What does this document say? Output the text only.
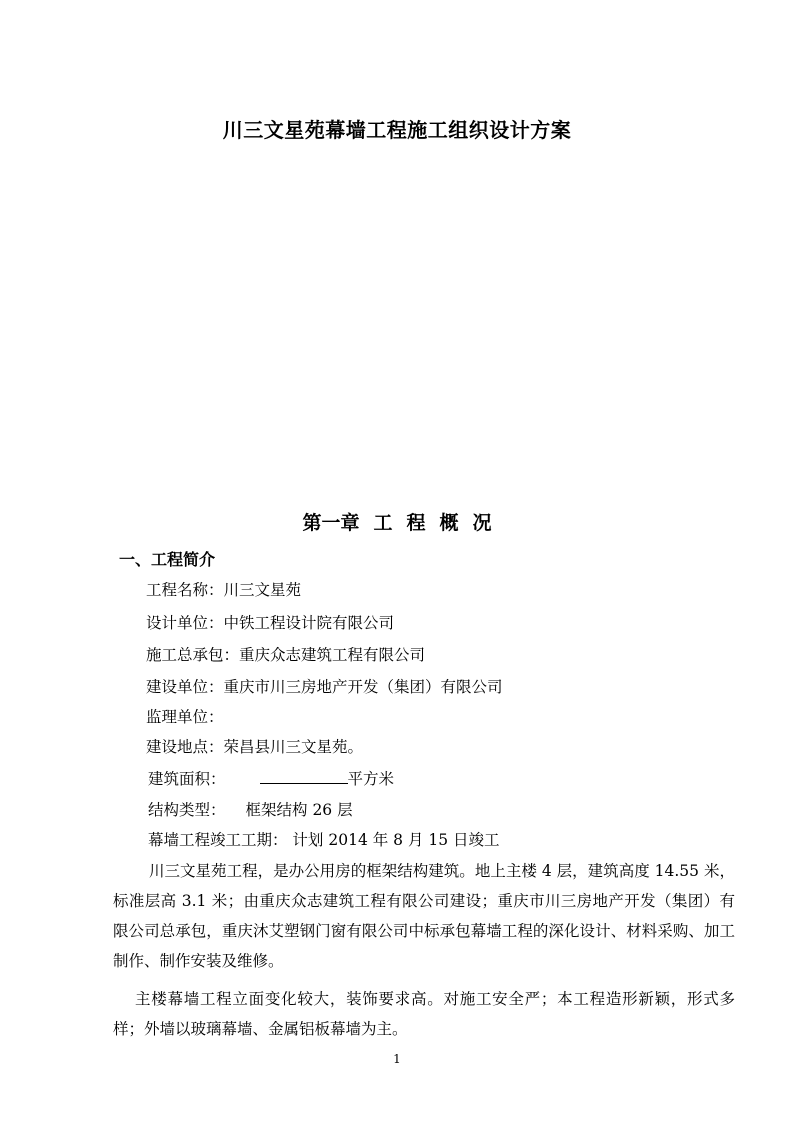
川三文星苑幕墙工程施工组织设计方案
第一章 工 程 概 况
一、工程简介
工程名称：川三文星苑
设计单位：中铁工程设计院有限公司
施工总承包：重庆众志建筑工程有限公司
建设单位：重庆市川三房地产开发（集团）有限公司
监理单位：
建设地点：荣昌县川三文星苑。
建筑面积：	平方米
结构类型： 框架结构 26 层
幕墙工程竣工工期： 计划 2014 年 8 月 15 日竣工
川三文星苑工程，是办公用房的框架结构建筑。地上主楼 4 层，建筑高度 14.55 米，标准层高 3.1 米；由重庆众志建筑工程有限公司建设；重庆市川三房地产开发（集团）有限公司总承包，重庆沐艾塑钢门窗有限公司中标承包幕墙工程的深化设计、材料采购、加工制作、制作安装及维修。
主楼幕墙工程立面变化较大，装饰要求高。对施工安全严；本工程造形新颖，形式多样；外墙以玻璃幕墙、金属铝板幕墙为主。
1
